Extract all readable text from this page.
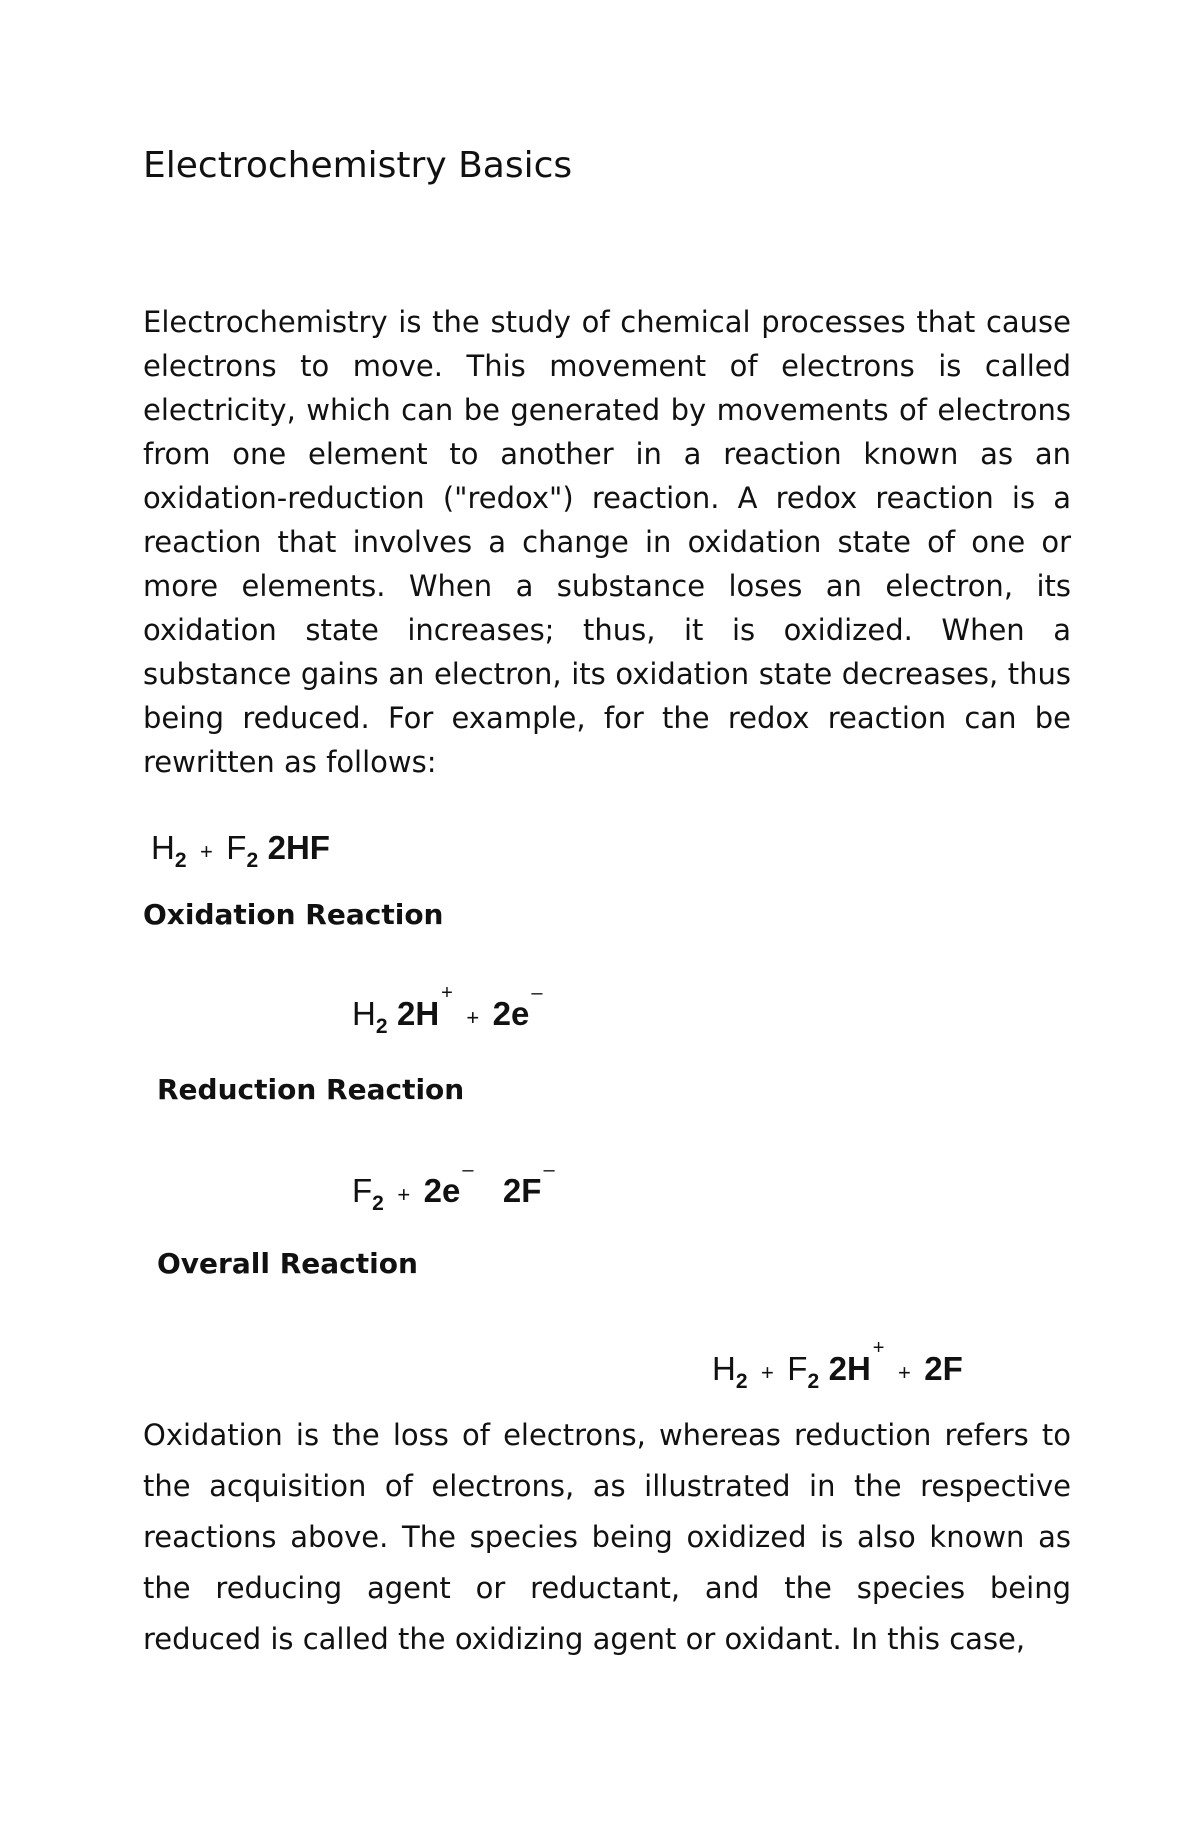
Electrochemistry Basics

Electrochemistry is the study of chemical processes that cause electrons to move. This movement of electrons is called electricity, which can be generated by movements of electrons from one element to another in a reaction known as an oxidation-reduction ("redox") reaction. A redox reaction is a reaction that involves a change in oxidation state of one or more elements. When a substance loses an electron, its oxidation state increases; thus, it is oxidized. When a substance gains an electron, its oxidation state decreases, thus being reduced. For example, for the redox reaction can be rewritten as follows:

$H_2 + F_2$ 2HF

Oxidation Reaction

$H_2$ 2H+ + 2e–

Reduction Reaction

$F_2 + 2e^-$ 2F–

Overall Reaction

$H_2 + F_2$ 2H+ + 2F

Oxidation is the loss of electrons, whereas reduction refers to the acquisition of electrons, as illustrated in the respective reactions above. The species being oxidized is also known as the reducing agent or reductant, and the species being reduced is called the oxidizing agent or oxidant. In this case,
